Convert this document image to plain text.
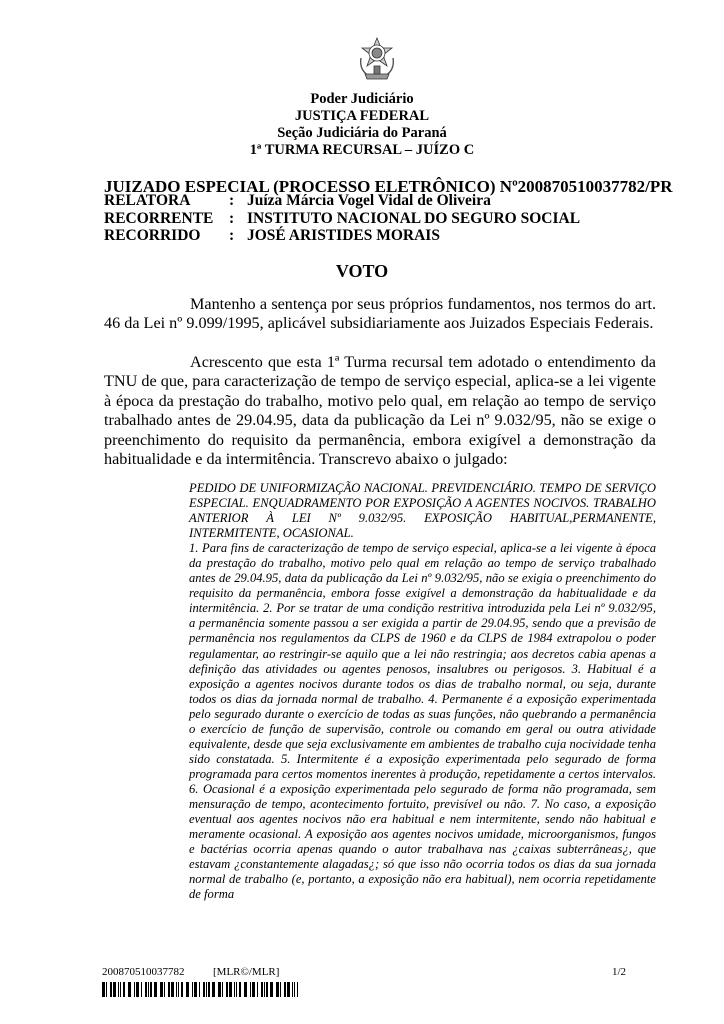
Poder Judiciário
JUSTIÇA FEDERAL
Seção Judiciária do Paraná
1ª TURMA RECURSAL – JUÍZO C
JUIZADO ESPECIAL (PROCESSO ELETRÔNICO) Nº200870510037782/PR
RELATORA : Juíza Márcia Vogel Vidal de Oliveira
RECORRENTE : INSTITUTO NACIONAL DO SEGURO SOCIAL
RECORRIDO : JOSÉ ARISTIDES MORAIS
VOTO

Mantenho a sentença por seus próprios fundamentos, nos termos do art. 46 da Lei nº 9.099/1995, aplicável subsidiariamente aos Juizados Especiais Federais.

Acrescento que esta 1ª Turma recursal tem adotado o entendimento da TNU de que, para caracterização de tempo de serviço especial, aplica-se a lei vigente à época da prestação do trabalho, motivo pelo qual, em relação ao tempo de serviço trabalhado antes de 29.04.95, data da publicação da Lei nº 9.032/95, não se exige o preenchimento do requisito da permanência, embora exigível a demonstração da habitualidade e da intermitência. Transcrevo abaixo o julgado:

PEDIDO DE UNIFORMIZAÇÃO NACIONAL. PREVIDENCIÁRIO. TEMPO DE SERVIÇO ESPECIAL. ENQUADRAMENTO POR EXPOSIÇÃO A AGENTES NOCIVOS. TRABALHO ANTERIOR À LEI Nº 9.032/95. EXPOSIÇÃO HABITUAL,PERMANENTE, INTERMITENTE, OCASIONAL.

1. Para fins de caracterização de tempo de serviço especial, aplica-se a lei vigente à época da prestação do trabalho, motivo pelo qual em relação ao tempo de serviço trabalhado antes de 29.04.95, data da publicação da Lei nº 9.032/95, não se exigia o preenchimento do requisito da permanência, embora fosse exigível a demonstração da habitualidade e da intermitência. 2. Por se tratar de uma condição restritiva introduzida pela Lei nº 9.032/95, a permanência somente passou a ser exigida a partir de 29.04.95, sendo que a previsão de permanência nos regulamentos da CLPS de 1960 e da CLPS de 1984 extrapolou o poder regulamentar, ao restringir-se aquilo que a lei não restringia; aos decretos cabia apenas a definição das atividades ou agentes penosos, insalubres ou perigosos. 3. Habitual é a exposição a agentes nocivos durante todos os dias de trabalho normal, ou seja, durante todos os dias da jornada normal de trabalho. 4. Permanente é a exposição experimentada pelo segurado durante o exercício de todas as suas funções, não quebrando a permanência o exercício de função de supervisão, controle ou comando em geral ou outra atividade equivalente, desde que seja exclusivamente em ambientes de trabalho cuja nocividade tenha sido constatada. 5. Intermitente é a exposição experimentada pelo segurado de forma programada para certos momentos inerentes à produção, repetidamente a certos intervalos. 6. Ocasional é a exposição experimentada pelo segurado de forma não programada, sem mensuração de tempo, acontecimento fortuito, previsível ou não. 7. No caso, a exposição eventual aos agentes nocivos não era habitual e nem intermitente, sendo não habitual e meramente ocasional. A exposição aos agentes nocivos umidade, microorganismos, fungos e bactérias ocorria apenas quando o autor trabalhava nas ¿caixas subterrâneas¿, que estavam ¿constantemente alagadas¿; só que isso não ocorria todos os dias da sua jornada normal de trabalho (e, portanto, a exposição não era habitual), nem ocorria repetidamente de forma

200870510037782	[MLR©/MLR]	1/2
